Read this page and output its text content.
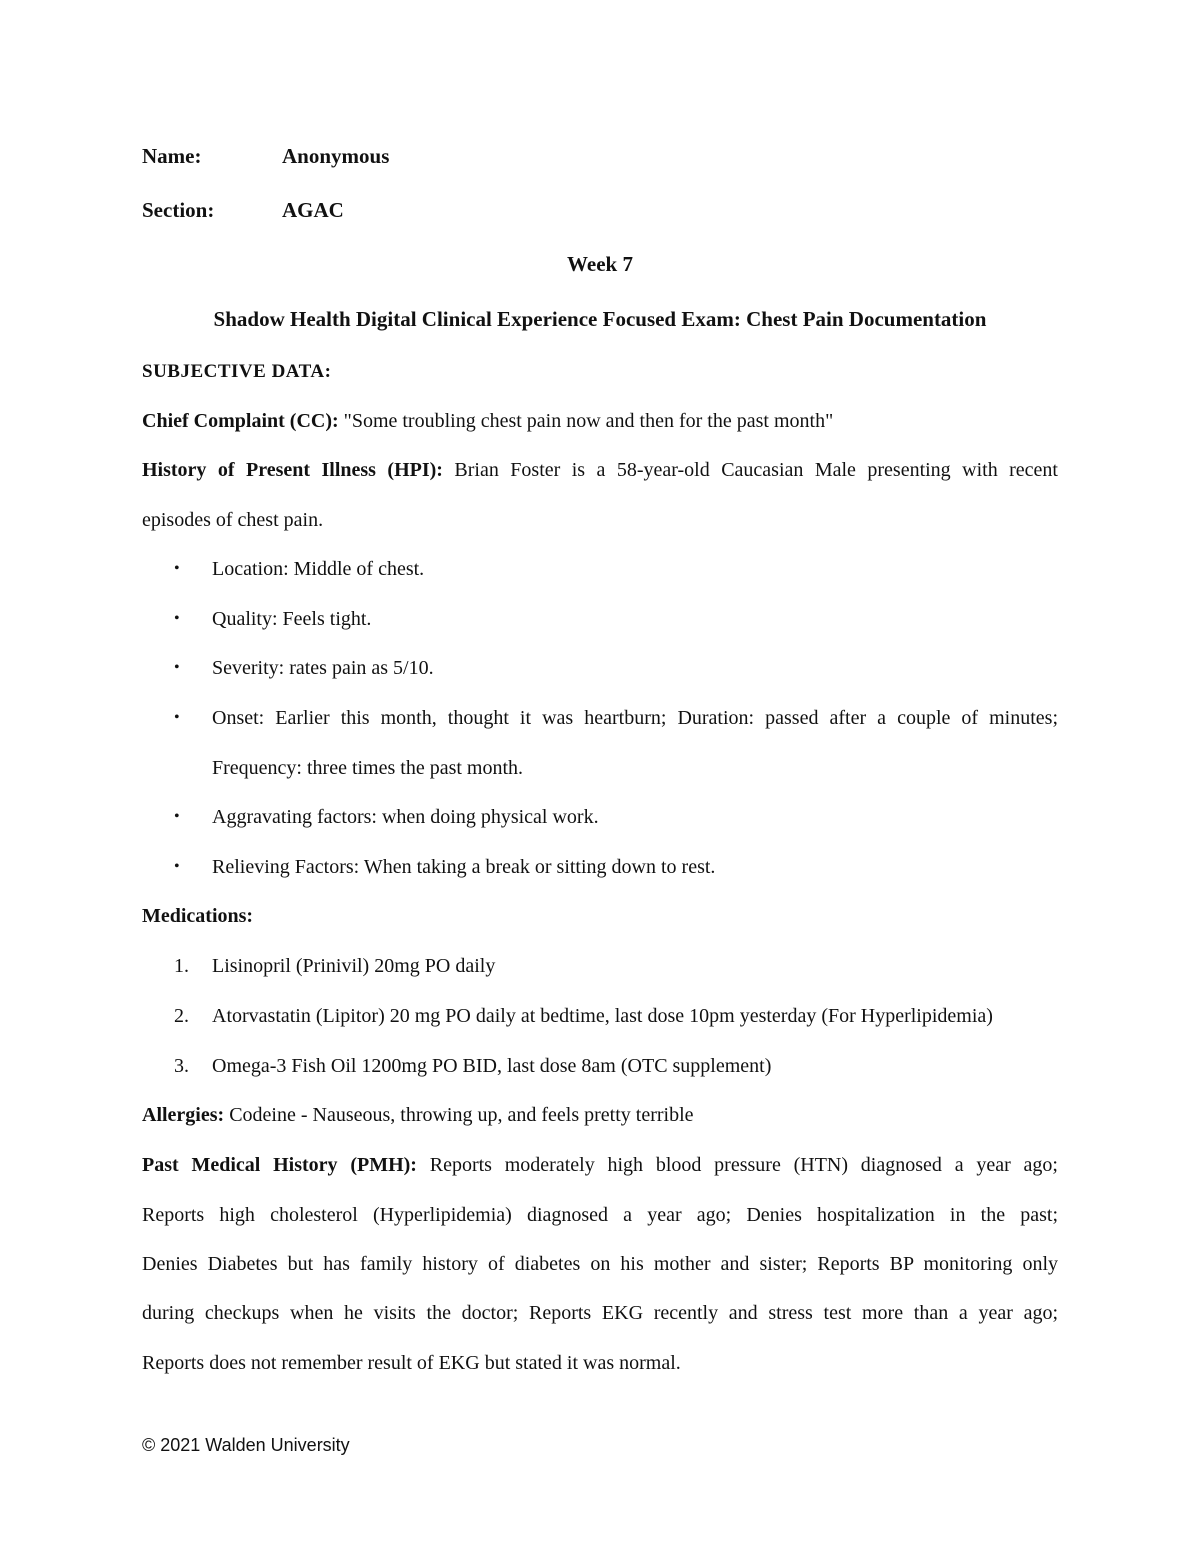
Name:	Anonymous
Section:	AGAC
Week 7
Shadow Health Digital Clinical Experience Focused Exam: Chest Pain Documentation
SUBJECTIVE DATA:
Chief Complaint (CC): "Some troubling chest pain now and then for the past month"
History of Present Illness (HPI): Brian Foster is a 58-year-old Caucasian Male presenting with recent
episodes of chest pain.
• Location: Middle of chest.
• Quality: Feels tight.
• Severity: rates pain as 5/10.
• Onset: Earlier this month, thought it was heartburn; Duration: passed after a couple of minutes;
Frequency: three times the past month.
• Aggravating factors: when doing physical work.
• Relieving Factors: When taking a break or sitting down to rest.
Medications:
1. Lisinopril (Prinivil) 20mg PO daily
2. Atorvastatin (Lipitor) 20 mg PO daily at bedtime, last dose 10pm yesterday (For Hyperlipidemia)
3. Omega-3 Fish Oil 1200mg PO BID, last dose 8am (OTC supplement)
Allergies: Codeine - Nauseous, throwing up, and feels pretty terrible
Past Medical History (PMH): Reports moderately high blood pressure (HTN) diagnosed a year ago;
Reports high cholesterol (Hyperlipidemia) diagnosed a year ago; Denies hospitalization in the past;
Denies Diabetes but has family history of diabetes on his mother and sister; Reports BP monitoring only
during checkups when he visits the doctor; Reports EKG recently and stress test more than a year ago;
Reports does not remember result of EKG but stated it was normal.
© 2021 Walden University
